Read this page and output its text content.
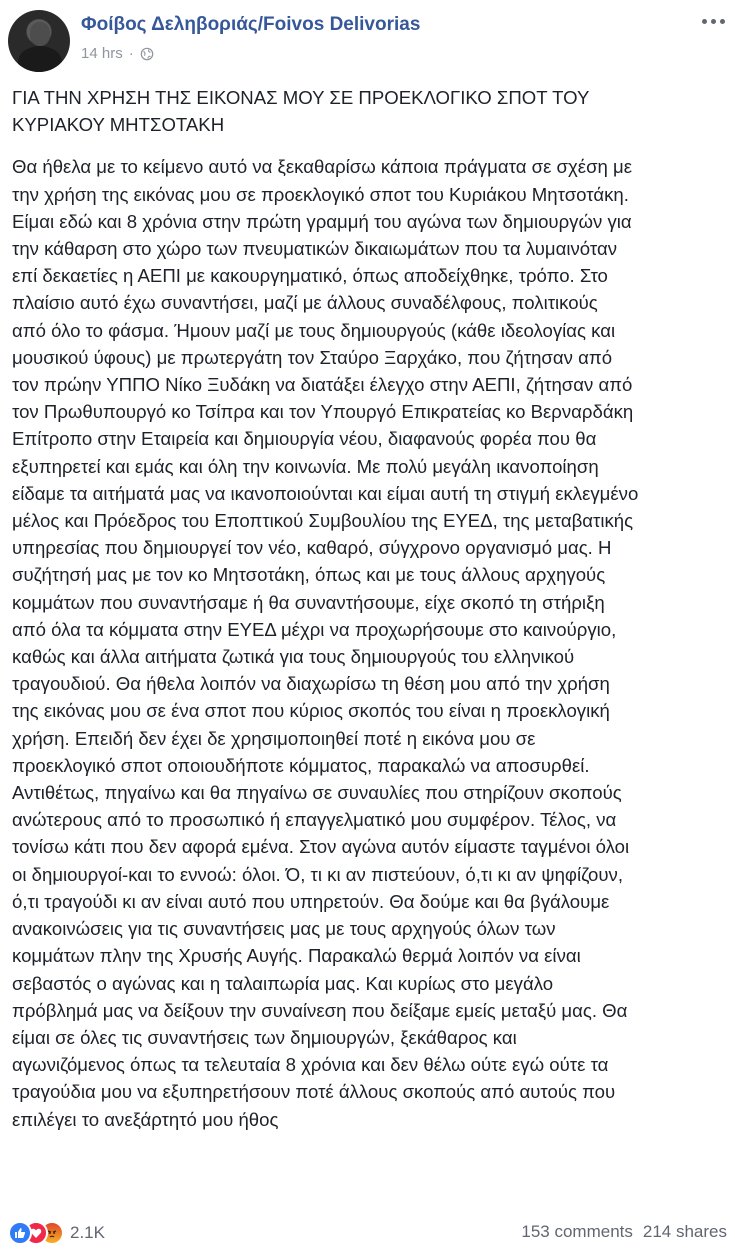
Φοίβος Δεληβοριάς/Foivos Delivorias
14 hrs ·

ΓΙΑ ΤΗΝ ΧΡΗΣΗ ΤΗΣ ΕΙΚΟΝΑΣ ΜΟΥ ΣΕ ΠΡΟΕΚΛΟΓΙΚΟ ΣΠΟΤ ΤΟΥ
ΚΥΡΙΑΚΟΥ ΜΗΤΣΟΤΑΚΗ

Θα ήθελα με το κείμενο αυτό να ξεκαθαρίσω κάποια πράγματα σε σχέση με
την χρήση της εικόνας μου σε προεκλογικό σποτ του Κυριάκου Μητσοτάκη.
Είμαι εδώ και 8 χρόνια στην πρώτη γραμμή του αγώνα των δημιουργών για
την κάθαρση στο χώρο των πνευματικών δικαιωμάτων που τα λυμαινόταν
επί δεκαετίες η ΑΕΠΙ με κακουργηματικό, όπως αποδείχθηκε, τρόπο. Στο
πλαίσιο αυτό έχω συναντήσει, μαζί με άλλους συναδέλφους, πολιτικούς
από όλο το φάσμα. Ήμουν μαζί με τους δημιουργούς (κάθε ιδεολογίας και
μουσικού ύφους) με πρωτεργάτη τον Σταύρο Ξαρχάκο, που ζήτησαν από
τον πρώην ΥΠΠΟ Νίκο Ξυδάκη να διατάξει έλεγχο στην ΑΕΠΙ, ζήτησαν από
τον Πρωθυπουργό κο Τσίπρα και τον Υπουργό Επικρατείας κο Βερναρδάκη
Επίτροπο στην Εταιρεία και δημιουργία νέου, διαφανούς φορέα που θα
εξυπηρετεί και εμάς και όλη την κοινωνία. Με πολύ μεγάλη ικανοποίηση
είδαμε τα αιτήματά μας να ικανοποιούνται και είμαι αυτή τη στιγμή εκλεγμένο
μέλος και Πρόεδρος του Εποπτικού Συμβουλίου της ΕΥΕΔ, της μεταβατικής
υπηρεσίας που δημιουργεί τον νέο, καθαρό, σύγχρονο οργανισμό μας. Η
συζήτησή μας με τον κο Μητσοτάκη, όπως και με τους άλλους αρχηγούς
κομμάτων που συναντήσαμε ή θα συναντήσουμε, είχε σκοπό τη στήριξη
από όλα τα κόμματα στην ΕΥΕΔ μέχρι να προχωρήσουμε στο καινούργιο,
καθώς και άλλα αιτήματα ζωτικά για τους δημιουργούς του ελληνικού
τραγουδιού. Θα ήθελα λοιπόν να διαχωρίσω τη θέση μου από την χρήση
της εικόνας μου σε ένα σποτ που κύριος σκοπός του είναι η προεκλογική
χρήση. Επειδή δεν έχει δε χρησιμοποιηθεί ποτέ η εικόνα μου σε
προεκλογικό σποτ οποιουδήποτε κόμματος, παρακαλώ να αποσυρθεί.
Αντιθέτως, πηγαίνω και θα πηγαίνω σε συναυλίες που στηρίζουν σκοπούς
ανώτερους από το προσωπικό ή επαγγελματικό μου συμφέρον. Τέλος, να
τονίσω κάτι που δεν αφορά εμένα. Στον αγώνα αυτόν είμαστε ταγμένοι όλοι
οι δημιουργοί-και το εννοώ: όλοι. Ό, τι κι αν πιστεύουν, ό,τι κι αν ψηφίζουν,
ό,τι τραγούδι κι αν είναι αυτό που υπηρετούν. Θα δούμε και θα βγάλουμε
ανακοινώσεις για τις συναντήσεις μας με τους αρχηγούς όλων των
κομμάτων πλην της Χρυσής Αυγής. Παρακαλώ θερμά λοιπόν να είναι
σεβαστός ο αγώνας και η ταλαιπωρία μας. Και κυρίως στο μεγάλο
πρόβλημά μας να δείξουν την συναίνεση που δείξαμε εμείς μεταξύ μας. Θα
είμαι σε όλες τις συναντήσεις των δημιουργών, ξεκάθαρος και
αγωνιζόμενος όπως τα τελευταία 8 χρόνια και δεν θέλω ούτε εγώ ούτε τα
τραγούδια μου να εξυπηρετήσουν ποτέ άλλους σκοπούς από αυτούς που
επιλέγει το ανεξάρτητό μου ήθος

2.1K	153 comments 214 shares
